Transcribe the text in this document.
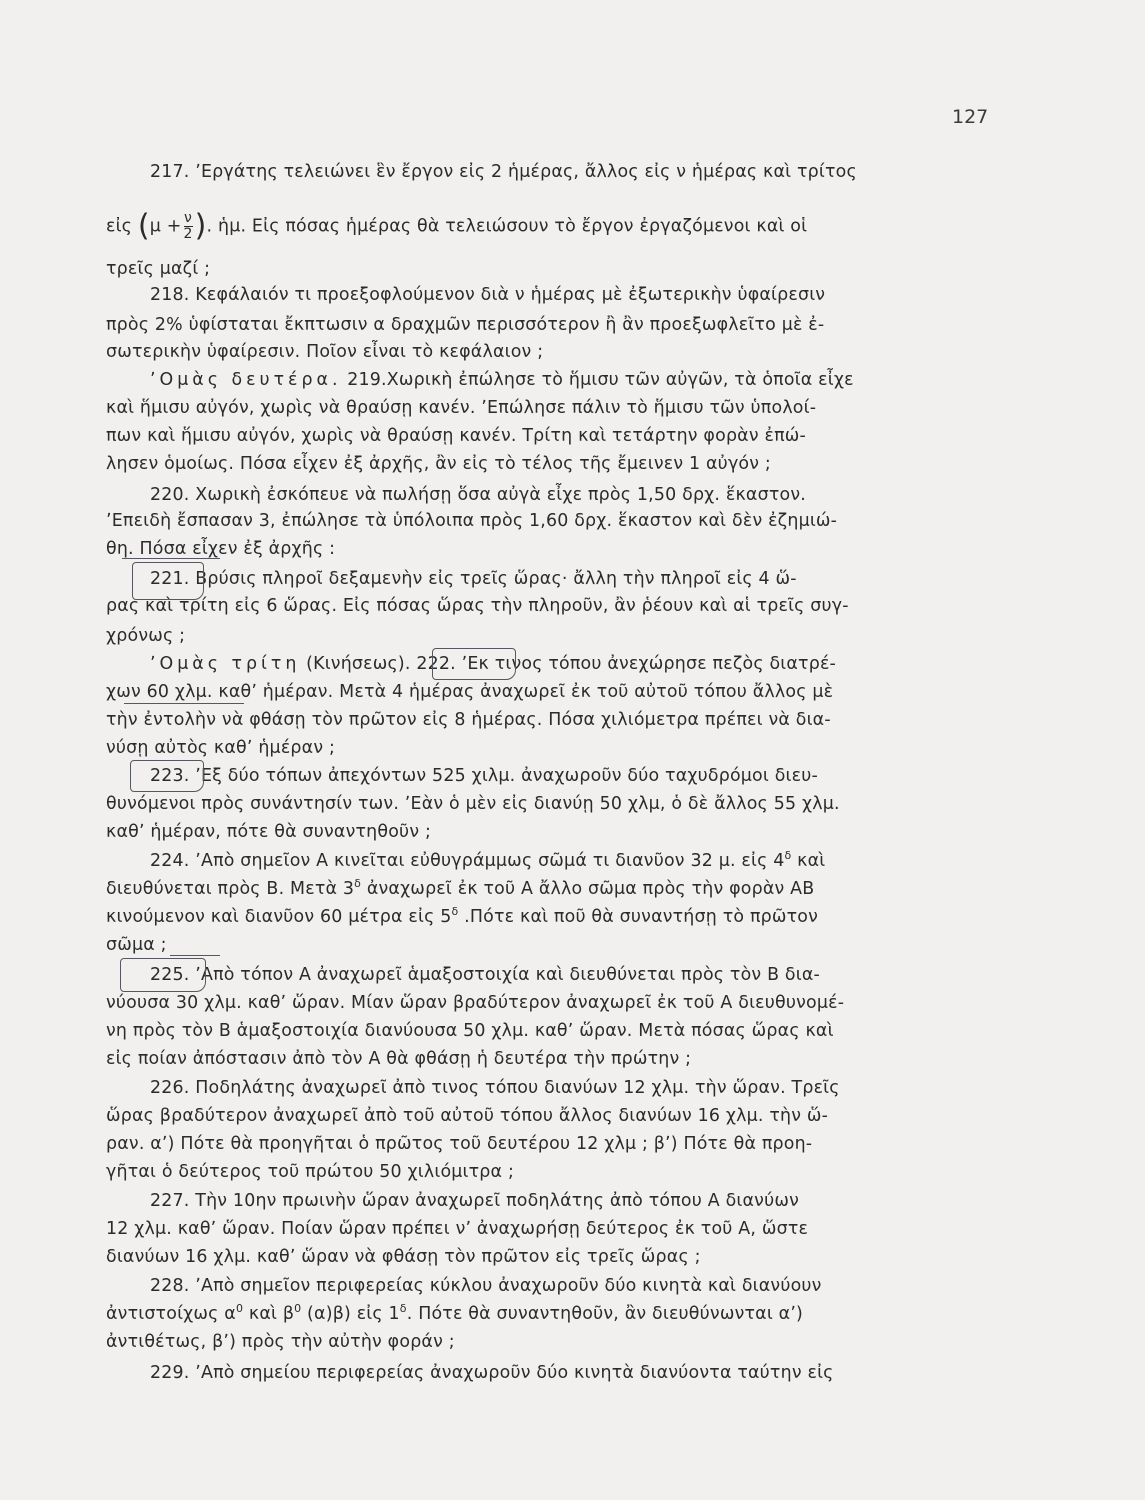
127
217. ʼΕργάτης τελειώνει ἓν ἔργον εἰς 2 ἡμέρας, ἄλλος εἰς ν ἡμέρας καὶ τρίτος
εἰς ($\mu + \frac{\nu}{2}$ ). ἡμ. Εἰς πόσας ἡμέρας θὰ τελειώσουν τὸ ἔργον ἐργαζόμενοι καὶ οἱ
τρεῖς μαζί ;
218. Κεφάλαιόν τι προεξοφλούμενον διὰ ν ἡμέρας μὲ ἐξωτερικὴν ὑφαίρεσιν
πρὸς 2% ὑφίσταται ἔκπτωσιν α δραχμῶν περισσότερον ἢ ἂν προεξωφλεῖτο μὲ ἐ-
σωτερικὴν ὑφαίρεσιν. Ποῖον εἶναι τὸ κεφάλαιον ;
ʼΟμὰς δευτέρα. 219.Χωρικὴ ἐπώλησε τὸ ἥμισυ τῶν αὐγῶν, τὰ ὁποῖα εἶχε
καὶ ἥμισυ αὐγόν, χωρὶς νὰ θραύσῃ κανέν. ʼΕπώλησε πάλιν τὸ ἥμισυ τῶν ὑπολοί-
πων καὶ ἥμισυ αὐγόν, χωρὶς νὰ θραύσῃ κανέν. Τρίτη καὶ τετάρτην φορὰν ἐπώ-
λησεν ὁμοίως. Πόσα εἶχεν ἐξ ἀρχῆς, ἂν εἰς τὸ τέλος τῆς ἔμεινεν 1 αὐγόν ;
220. Χωρικὴ ἐσκόπευε νὰ πωλήσῃ ὅσα αὐγὰ εἶχε πρὸς 1,50 δρχ. ἕκαστον.
ʼΕπειδὴ ἔσπασαν 3, ἐπώλησε τὰ ὑπόλοιπα πρὸς 1,60 δρχ. ἕκαστον καὶ δὲν ἐζημιώ-
θη. Πόσα εἶχεν ἐξ ἀρχῆς :
221. Βρύσις πληροῖ δεξαμενὴν εἰς τρεῖς ὥρας· ἄλλη τὴν πληροῖ εἰς 4 ὥ-
ρας καὶ τρίτη εἰς 6 ὥρας. Εἰς πόσας ὥρας τὴν πληροῦν, ἂν ῥέουν καὶ αἱ τρεῖς συγ-
χρόνως ;
ʼΟμὰς τρίτη (Κινήσεως). 222. ʼΕκ τινος τόπου ἀνεχώρησε πεζὸς διατρέ-
χων 60 χλμ. καθʼ ἡμέραν. Μετὰ 4 ἡμέρας ἀναχωρεῖ ἐκ τοῦ αὐτοῦ τόπου ἄλλος μὲ
τὴν ἐντολὴν νὰ φθάσῃ τὸν πρῶτον εἰς 8 ἡμέρας. Πόσα χιλιόμετρα πρέπει νὰ δια-
νύσῃ αὐτὸς καθʼ ἡμέραν ;
223. ʼΕξ δύο τόπων ἀπεχόντων 525 χιλμ. ἀναχωροῦν δύο ταχυδρόμοι διευ-
θυνόμενοι πρὸς συνάντησίν των. ʼΕὰν ὁ μὲν εἰς διανύῃ 50 χλμ, ὁ δὲ ἄλλος 55 χλμ.
καθʼ ἡμέραν, πότε θὰ συναντηθοῦν ;
224. ʼΑπὸ σημεῖον Α κινεῖται εὐθυγράμμως σῶμά τι διανῦον 32 μ. εἰς $4^\delta$ καὶ
διευθύνεται πρὸς Β. Μετὰ $3^\delta$ ἀναχωρεῖ ἐκ τοῦ Α ἄλλο σῶμα πρὸς τὴν φορὰν ΑΒ
κινούμενον καὶ διανῦον 60 μέτρα εἰς $5^\delta$ .Πότε καὶ ποῦ θὰ συναντήσῃ τὸ πρῶτον
σῶμα ;
225. ʼΑπὸ τόπον Α ἀναχωρεῖ ἁμαξοστοιχία καὶ διευθύνεται πρὸς τὸν Β δια-
νύουσα 30 χλμ. καθʼ ὥραν. Μίαν ὥραν βραδύτερον ἀναχωρεῖ ἐκ τοῦ Α διευθυνομέ-
νη πρὸς τὸν Β ἁμαξοστοιχία διανύουσα 50 χλμ. καθʼ ὥραν. Μετὰ πόσας ὥρας καὶ
εἰς ποίαν ἀπόστασιν ἀπὸ τὸν Α θὰ φθάσῃ ἡ δευτέρα τὴν πρώτην ;
226. Ποδηλάτης ἀναχωρεῖ ἀπὸ τινος τόπου διανύων 12 χλμ. τὴν ὥραν. Τρεῖς
ὥρας βραδύτερον ἀναχωρεῖ ἀπὸ τοῦ αὐτοῦ τόπου ἄλλος διανύων 16 χλμ. τὴν ὥ-
ραν. αʼ) Πότε θὰ προηγῆται ὁ πρῶτος τοῦ δευτέρου 12 χλμ ; βʼ) Πότε θὰ προη-
γῆται ὁ δεύτερος τοῦ πρώτου 50 χιλιόμιτρα ;
227. Τὴν 10ην πρωινὴν ὥραν ἀναχωρεῖ ποδηλάτης ἀπὸ τόπου Α διανύων
12 χλμ. καθʼ ὥραν. Ποίαν ὥραν πρέπει νʼ ἀναχωρήσῃ δεύτερος ἐκ τοῦ Α, ὥστε
διανύων 16 χλμ. καθʼ ὥραν νὰ φθάσῃ τὸν πρῶτον εἰς τρεῖς ὥρας ;
228. ʼΑπὸ σημεῖον περιφερείας κύκλου ἀναχωροῦν δύο κινητὰ καὶ διανύουν
ἀντιστοίχως $\alpha^0$ καὶ $\beta^0$ (α)β) εἰς $1^\delta$. Πότε θὰ συναντηθοῦν, ἂν διευθύνωνται αʼ)
ἀντιθέτως, βʼ) πρὸς τὴν αὐτὴν φοράν ;
229. ʼΑπὸ σημείου περιφερείας ἀναχωροῦν δύο κινητὰ διανύοντα ταύτην εἰς
